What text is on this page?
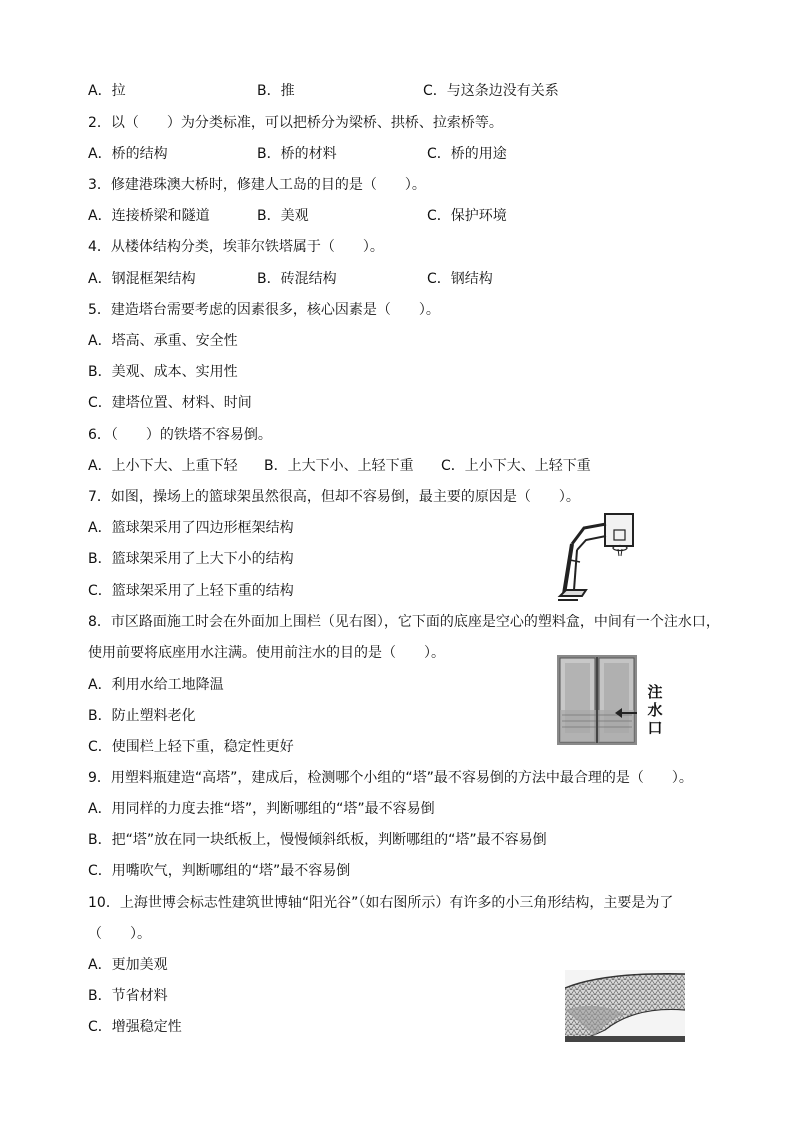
A．拉	B．推	C．与这条边没有关系
2．以（　　）为分类标准，可以把桥分为梁桥、拱桥、拉索桥等。
A．桥的结构	B．桥的材料	C．桥的用途
3．修建港珠澳大桥时，修建人工岛的目的是（　　）。
A．连接桥梁和隧道	B．美观	C．保护环境
4．从楼体结构分类，埃菲尔铁塔属于（　　）。
A．钢混框架结构	B．砖混结构	C．钢结构
5．建造塔台需要考虑的因素很多，核心因素是（　　）。
A．塔高、承重、安全性
B．美观、成本、实用性
C．建塔位置、材料、时间
6．（　　）的铁塔不容易倒。
A．上小下大、上重下轻 B．上大下小、上轻下重 C．上小下大、上轻下重
7．如图，操场上的篮球架虽然很高，但却不容易倒，最主要的原因是（　　）。
A．篮球架采用了四边形框架结构
B．篮球架采用了上大下小的结构
C．篮球架采用了上轻下重的结构
8．市区路面施工时会在外面加上围栏（见右图），它下面的底座是空心的塑料盒，中间有一个注水口，
使用前要将底座用水注满。使用前注水的目的是（　　）。
A．利用水给工地降温
B．防止塑料老化
C．使围栏上轻下重，稳定性更好
注
水
口
9．用塑料瓶建造“高塔”，建成后，检测哪个小组的“塔”最不容易倒的方法中最合理的是（　　）。
A．用同样的力度去推“塔”，判断哪组的“塔”最不容易倒
B．把“塔”放在同一块纸板上，慢慢倾斜纸板，判断哪组的“塔”最不容易倒
C．用嘴吹气，判断哪组的“塔”最不容易倒
10．上海世博会标志性建筑世博轴“阳光谷”（如右图所示）有许多的小三角形结构，主要是为了
（　　）。
A．更加美观
B．节省材料
C．增强稳定性
